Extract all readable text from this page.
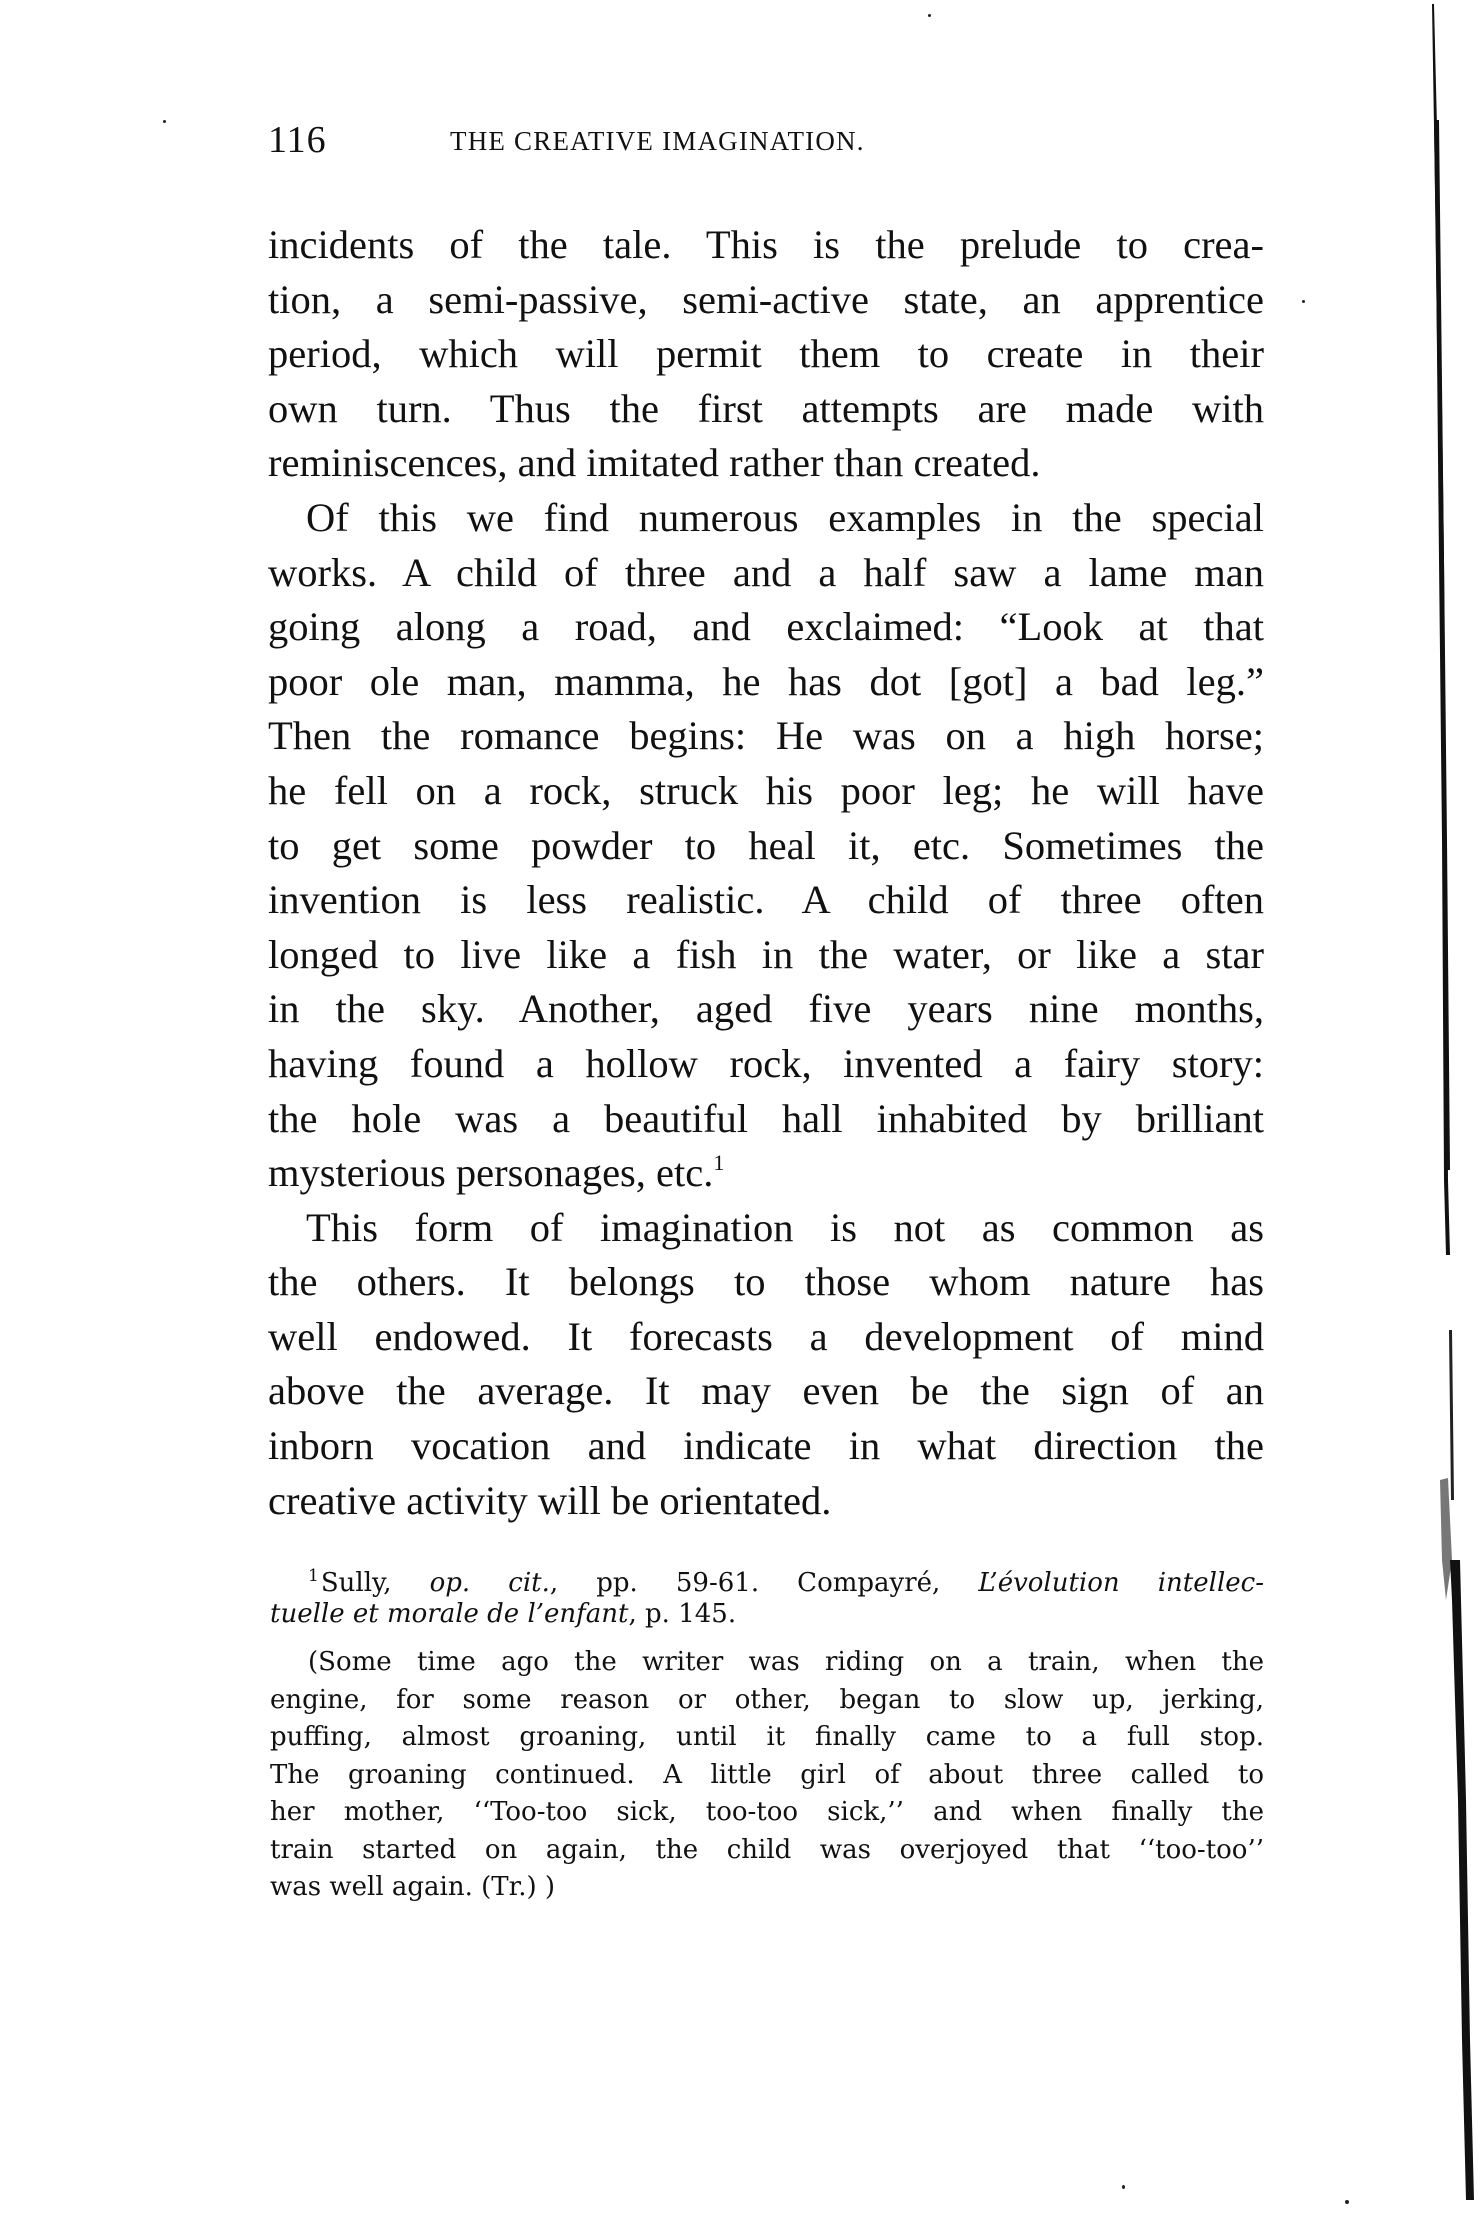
116	THE CREATIVE IMAGINATION.
incidents of the tale. This is the prelude to crea-
tion, a semi-passive, semi-active state, an apprentice
period, which will permit them to create in their
own turn. Thus the first attempts are made with
reminiscences, and imitated rather than created.
Of this we find numerous examples in the special
works. A child of three and a half saw a lame man
going along a road, and exclaimed: “Look at that
poor ole man, mamma, he has dot [got] a bad leg.”
Then the romance begins: He was on a high horse;
he fell on a rock, struck his poor leg; he will have
to get some powder to heal it, etc. Sometimes the
invention is less realistic. A child of three often
longed to live like a fish in the water, or like a star
in the sky. Another, aged five years nine months,
having found a hollow rock, invented a fairy story:
the hole was a beautiful hall inhabited by brilliant
mysterious personages, etc.$^1$
This form of imagination is not as common as
the others. It belongs to those whom nature has
well endowed. It forecasts a development of mind
above the average. It may even be the sign of an
inborn vocation and indicate in what direction the
creative activity will be orientated.
$^1$Sully, op. cit., pp. 59-61. Compayré, L’évolution intellec-
tuelle et morale de l’enfant, p. 145.
(Some time ago the writer was riding on a train, when the
engine, for some reason or other, began to slow up, jerking,
puffing, almost groaning, until it finally came to a full stop.
The groaning continued. A little girl of about three called to
her mother, ‘‘Too-too sick, too-too sick,’’ and when finally the
train started on again, the child was overjoyed that ‘‘too-too’’
was well again. (Tr.) )
